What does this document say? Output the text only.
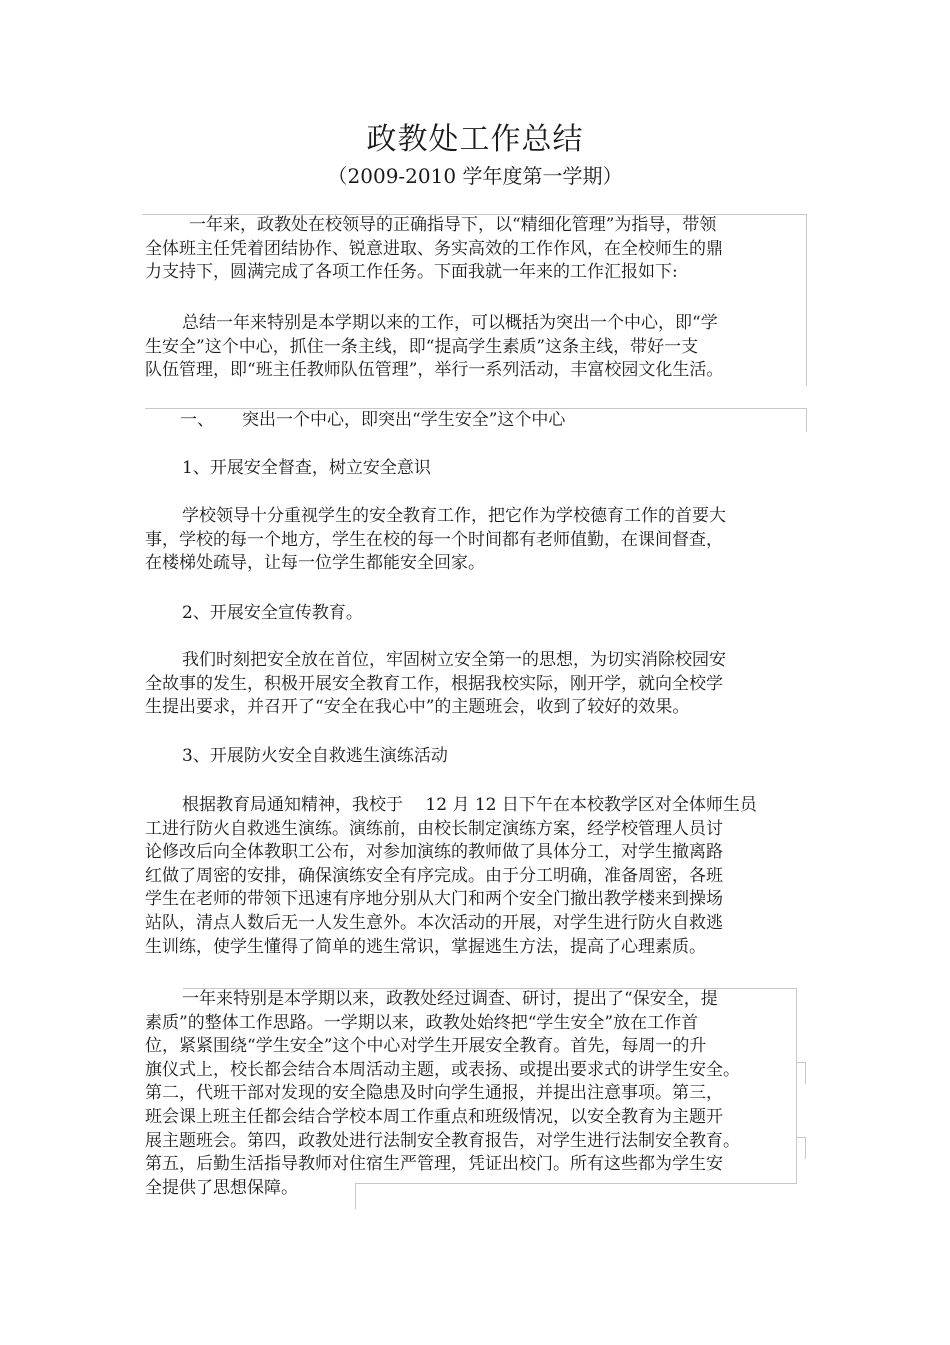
政教处工作总结
（2009-2010 学年度第一学期）
一年来，政教处在校领导的正确指导下，以“精细化管理”为指导，带领
全体班主任凭着团结协作、锐意进取、务实高效的工作作风，在全校师生的鼎
力支持下，圆满完成了各项工作任务。下面我就一年来的工作汇报如下:
总结一年来特别是本学期以来的工作，可以概括为突出一个中心，即“学
生安全”这个中心，抓住一条主线，即“提高学生素质”这条主线，带好一支
队伍管理，即“班主任教师队伍管理”，举行一系列活动，丰富校园文化生活。
一、 突出一个中心，即突出“学生安全”这个中心
1、开展安全督查，树立安全意识
学校领导十分重视学生的安全教育工作，把它作为学校德育工作的首要大
事，学校的每一个地方，学生在校的每一个时间都有老师值勤，在课间督查，
在楼梯处疏导，让每一位学生都能安全回家。
2、开展安全宣传教育。
我们时刻把安全放在首位，牢固树立安全第一的思想，为切实消除校园安
全故事的发生，积极开展安全教育工作，根据我校实际，刚开学，就向全校学
生提出要求，并召开了“安全在我心中”的主题班会，收到了较好的效果。
3、开展防火安全自救逃生演练活动
根据教育局通知精神，我校于　 12 月 12 日下午在本校教学区对全体师生员
工进行防火自救逃生演练。演练前，由校长制定演练方案，经学校管理人员讨
论修改后向全体教职工公布，对参加演练的教师做了具体分工，对学生撤离路
红做了周密的安排，确保演练安全有序完成。由于分工明确，准备周密，各班
学生在老师的带领下迅速有序地分别从大门和两个安全门撤出教学楼来到操场
站队，清点人数后无一人发生意外。本次活动的开展，对学生进行防火自救逃
生训练，使学生懂得了简单的逃生常识，掌握逃生方法，提高了心理素质。
一年来特别是本学期以来，政教处经过调查、研讨，提出了“保安全，提
素质”的整体工作思路。一学期以来，政教处始终把“学生安全”放在工作首
位，紧紧围绕“学生安全”这个中心对学生开展安全教育。首先，每周一的升
旗仪式上，校长都会结合本周活动主题，或表扬、或提出要求式的讲学生安全。
第二，代班干部对发现的安全隐患及时向学生通报，并提出注意事项。第三，
班会课上班主任都会结合学校本周工作重点和班级情况，以安全教育为主题开
展主题班会。第四，政教处进行法制安全教育报告，对学生进行法制安全教育。
第五，后勤生活指导教师对住宿生严管理，凭证出校门。所有这些都为学生安
全提供了思想保障。
